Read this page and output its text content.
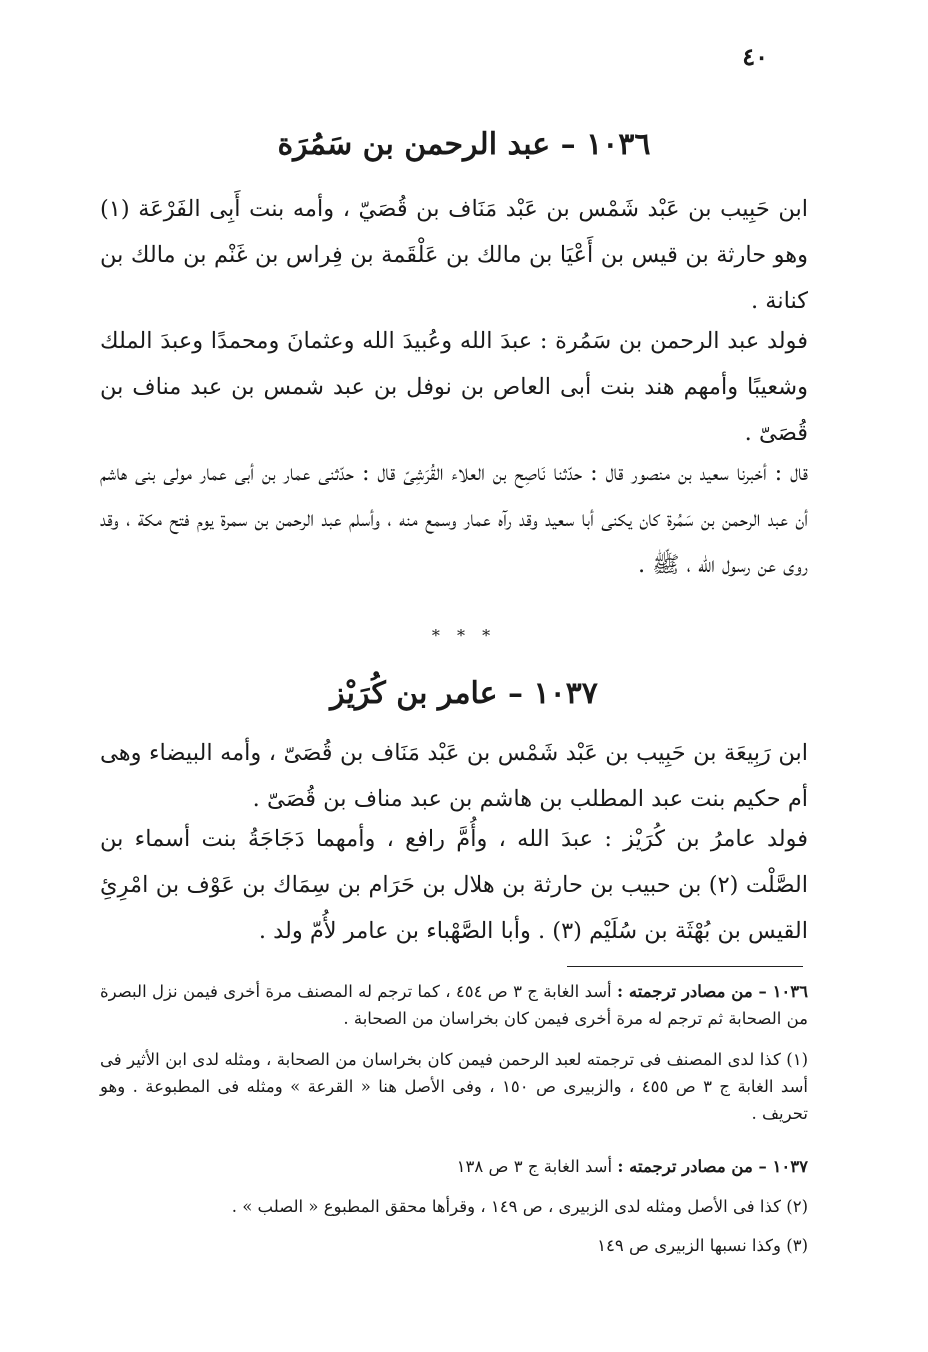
٤٠
١٠٣٦ – عبد الرحمن بن سَمُرَة

ابن حَبِيب بن عَبْد شَمْس بن عَبْد مَنَاف بن قُصَيّ ، وأمه بنت أَبِى الفَرْعَة (١) وهو حارثة بن قيس بن أَعْيَا بن مالك بن عَلْقَمة بن فِراس بن غَنْم بن مالك بن كنانة .

فولد عبد الرحمن بن سَمُرة : عبدَ الله وعُبيدَ الله وعثمانَ ومحمدًا وعبدَ الملك وشعيبًا وأمهم هند بنت أبى العاص بن نوفل بن عبد شمس بن عبد مناف بن قُصَىّ .

قال : أخبرنا سعيد بن منصور قال : حدّثنا نَاصِح بن العلاء القُرَشِىّ قال : حدّثنى عمار بن أبى عمار مولى بنى هاشم أن عبد الرحمن بن سَمُرة كان يكنى أبا سعيد وقد رآه عمار وسمع منه ، وأسلم عبد الرحمن بن سمرة يوم فتح مكة ، وقد روى عن رسول الله ، ﷺ .

* * *
١٠٣٧ – عامر بن كُرَيْز

ابن رَبِيعَة بن حَبِيب بن عَبْد شَمْس بن عَبْد مَنَاف بن قُصَىّ ، وأمه البيضاء وهى أم حكيم بنت عبد المطلب بن هاشم بن عبد مناف بن قُصَىّ .

فولد عامرُ بن كُرَيْز : عبدَ الله ، وأُمَّ رافع ، وأمهما دَجَاجَةُ بنت أسماء بن الصَّلْت (٢) بن حبيب بن حارثة بن هلال بن حَرَام بن سِمَاك بن عَوْف بن امْرِئِ القيس بن بُهْثَة بن سُلَيْم (٣) . وأبا الصَّهْباء بن عامر لأُمّ ولد .

١٠٣٦ – من مصادر ترجمته : أسد الغابة ج ٣ ص ٤٥٤ ، كما ترجم له المصنف مرة أخرى فيمن نزل البصرة من الصحابة ثم ترجم له مرة أخرى فيمن كان بخراسان من الصحابة .

(١) كذا لدى المصنف فى ترجمته لعبد الرحمن فيمن كان بخراسان من الصحابة ، ومثله لدى ابن الأثير فى أسد الغابة ج ٣ ص ٤٥٥ ، والزبيرى ص ١٥٠ ، وفى الأصل هنا « القرعة » ومثله فى المطبوعة . وهو تحريف .

١٠٣٧ – من مصادر ترجمته : أسد الغابة ج ٣ ص ١٣٨

(٢) كذا فى الأصل ومثله لدى الزبيرى ، ص ١٤٩ ، وقرأها محقق المطبوع « الصلب » .

(٣) وكذا نسبها الزبيرى ص ١٤٩
